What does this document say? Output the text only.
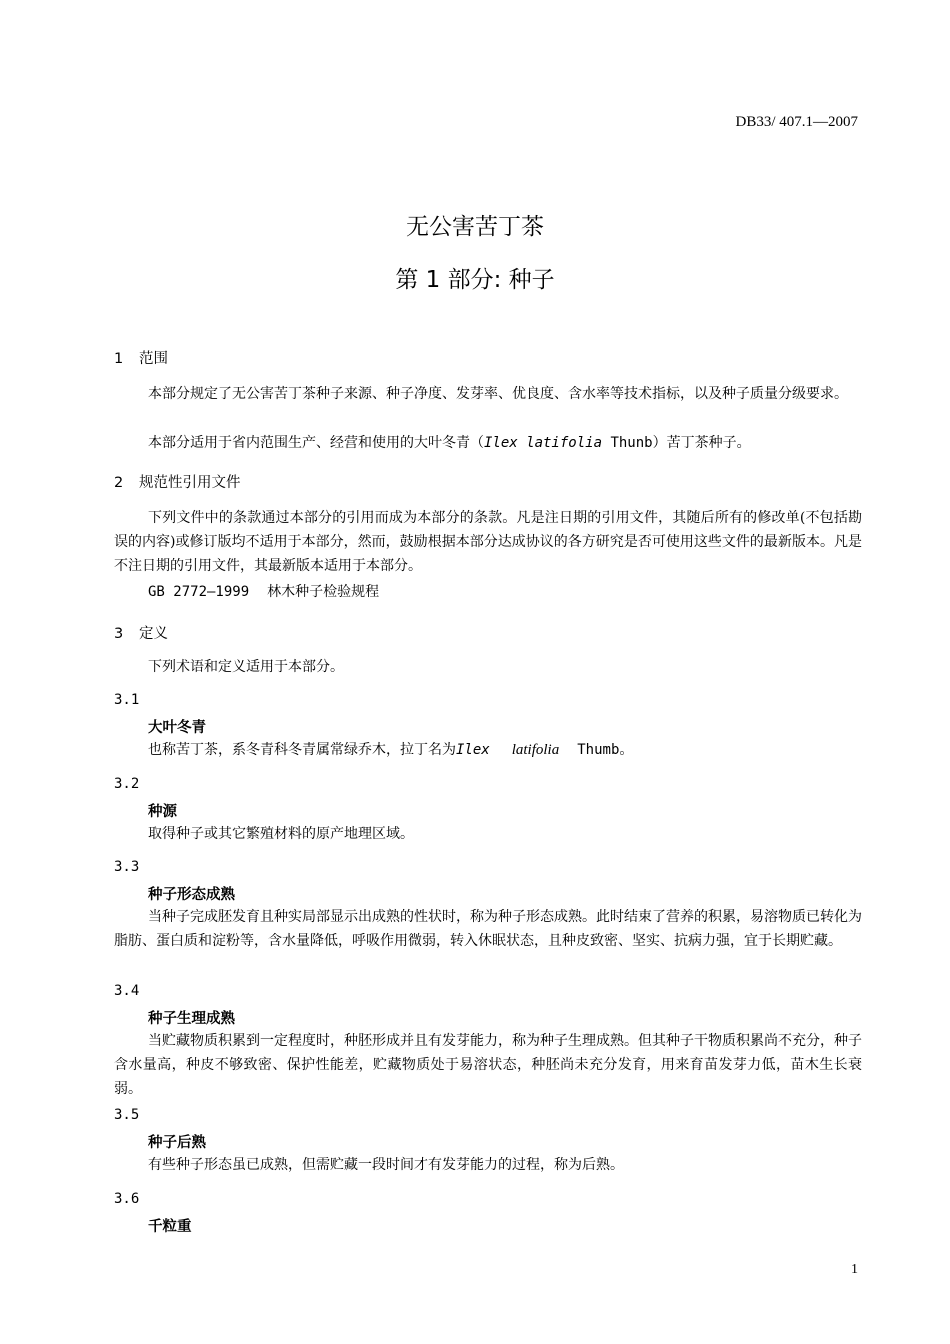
DB33/ 407.1—2007
无公害苦丁茶
第 1 部分: 种子
1 范围
本部分规定了无公害苦丁茶种子来源、种子净度、发芽率、优良度、含水率等技术指标，以及种子质量分级要求。
本部分适用于省内范围生产、经营和使用的大叶冬青（Ilex latifolia Thunb）苦丁茶种子。
2 规范性引用文件
下列文件中的条款通过本部分的引用而成为本部分的条款。凡是注日期的引用文件，其随后所有的修改单(不包括勘误的内容)或修订版均不适用于本部分，然而，鼓励根据本部分达成协议的各方研究是否可使用这些文件的最新版本。凡是不注日期的引用文件，其最新版本适用于本部分。
GB 2772—1999 林木种子检验规程
3 定义
下列术语和定义适用于本部分。
3.1
大叶冬青
也称苦丁茶，系冬青科冬青属常绿乔木，拉丁名为Ilex latifolia Thumb。
3.2
种源
取得种子或其它繁殖材料的原产地理区域。
3.3
种子形态成熟
当种子完成胚发育且种实局部显示出成熟的性状时，称为种子形态成熟。此时结束了营养的积累，易溶物质已转化为脂肪、蛋白质和淀粉等，含水量降低，呼吸作用微弱，转入休眠状态，且种皮致密、坚实、抗病力强，宜于长期贮藏。
3.4
种子生理成熟
当贮藏物质积累到一定程度时，种胚形成并且有发芽能力，称为种子生理成熟。但其种子干物质积累尚不充分，种子含水量高，种皮不够致密、保护性能差，贮藏物质处于易溶状态，种胚尚未充分发育，用来育苗发芽力低，苗木生长衰弱。
3.5
种子后熟
有些种子形态虽已成熟，但需贮藏一段时间才有发芽能力的过程，称为后熟。
3.6
千粒重
1
